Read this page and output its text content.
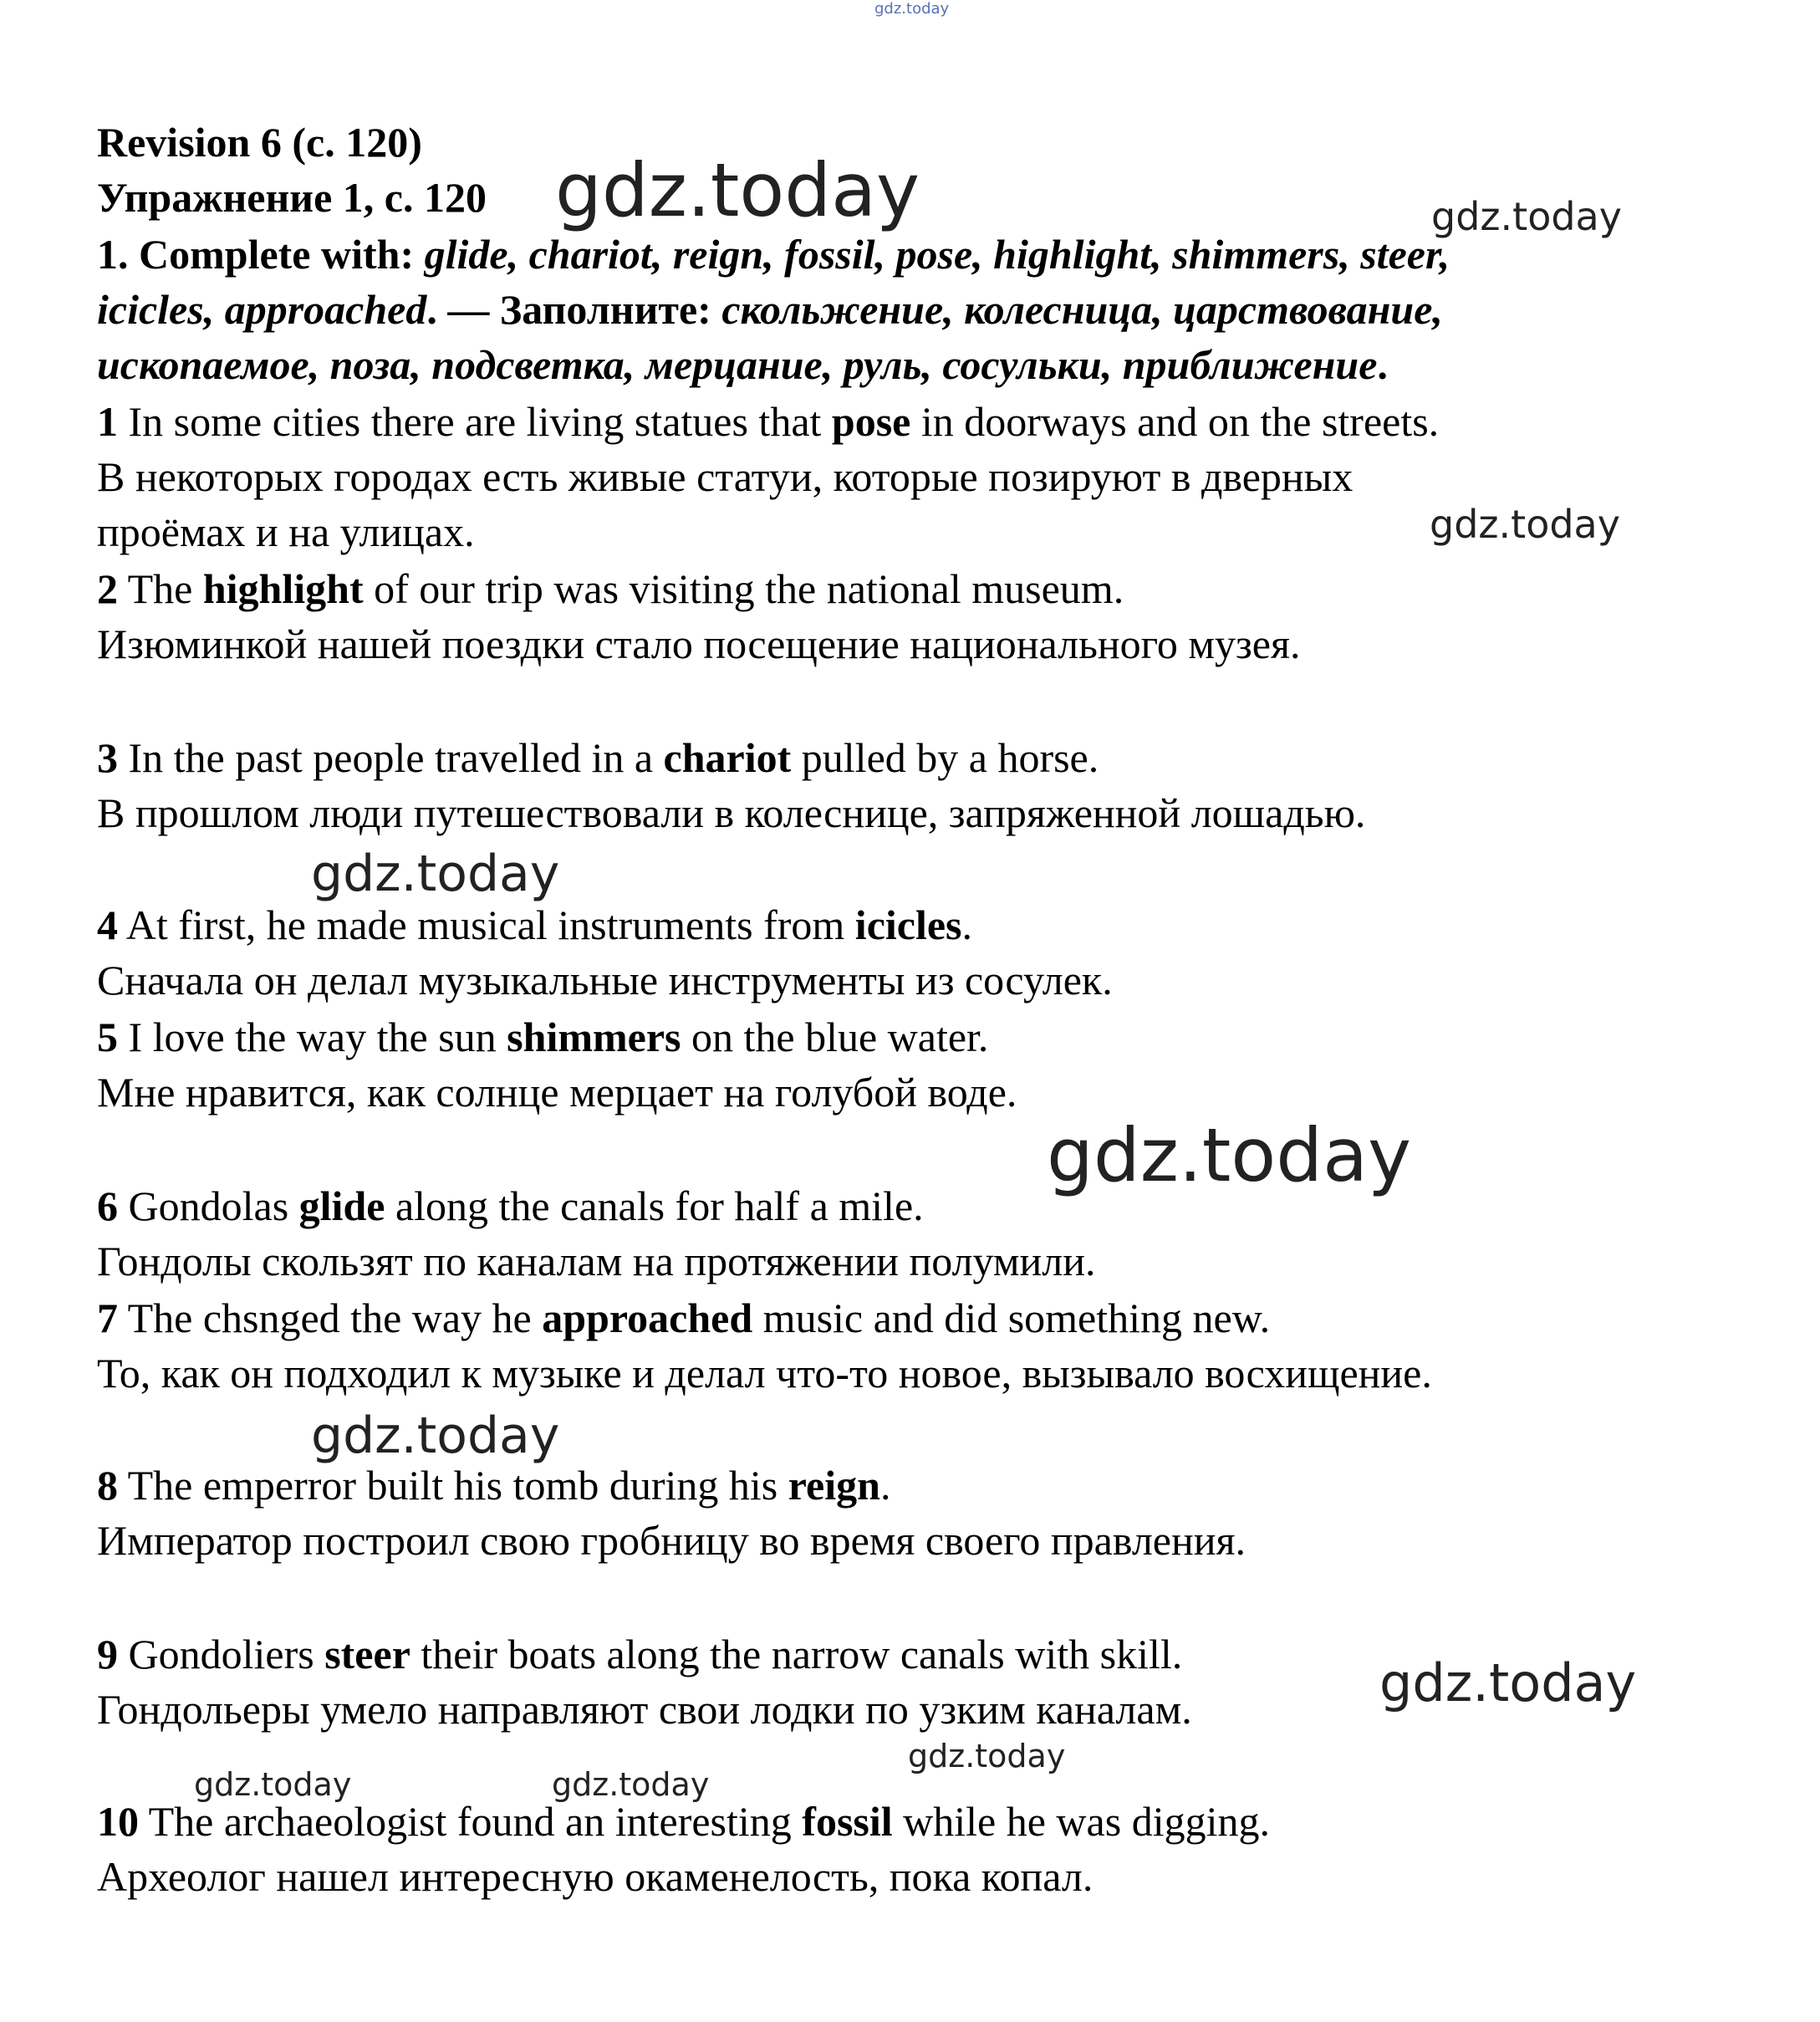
gdz.today
Revision 6 (с. 120)
Упражнение 1, с. 120
1. Complete with: glide, chariot, reign, fossil, pose, highlight, shimmers, steer,
icicles, approached. — Заполните: скольжение, колесница, царствование,
ископаемое, поза, подсветка, мерцание, руль, сосульки, приближение.
1 In some cities there are living statues that pose in doorways and on the streets.
В некоторых городах есть живые статуи, которые позируют в дверных
проёмах и на улицах.
2 The highlight of our trip was visiting the national museum.
Изюминкой нашей поездки стало посещение национального музея.
3 In the past people travelled in a chariot pulled by a horse.
В прошлом люди путешествовали в колеснице, запряженной лошадью.
4 At first, he made musical instruments from icicles.
Сначала он делал музыкальные инструменты из сосулек.
5 I love the way the sun shimmers on the blue water.
Мне нравится, как солнце мерцает на голубой воде.
6 Gondolas glide along the canals for half a mile.
Гондолы скользят по каналам на протяжении полумили.
7 The chsnged the way he approached music and did something new.
То, как он подходил к музыке и делал что-то новое, вызывало восхищение.
8 The emperror built his tomb during his reign.
Император построил свою гробницу во время своего правления.
9 Gondoliers steer their boats along the narrow canals with skill.
Гондольеры умело направляют свои лодки по узким каналам.
10 The archaeologist found an interesting fossil while he was digging.
Археолог нашел интересную окаменелость, пока копал.
gdz.today	gdz.today
gdz.today
gdz.today
gdz.today
gdz.today
gdz.today
gdz.today
gdz.today	gdz.today
